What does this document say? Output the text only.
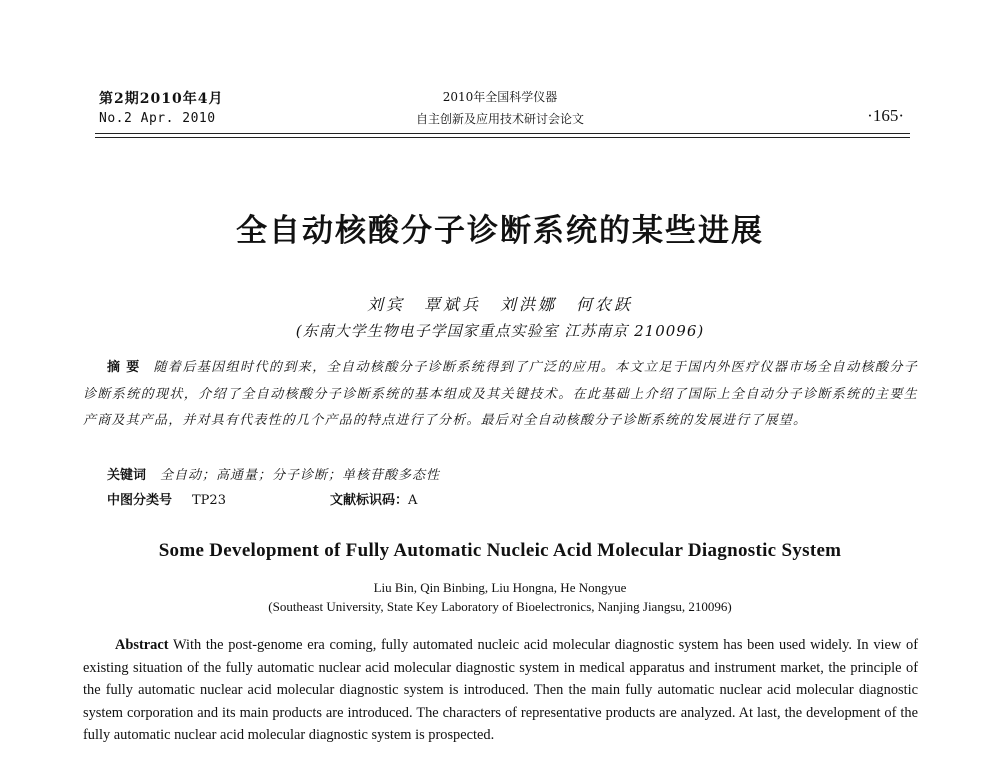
第2期2010年4月
No.2 Apr. 2010
2010年全国科学仪器
自主创新及应用技术研讨会论文	·165·
全自动核酸分子诊断系统的某些进展
刘宾　覃斌兵　刘洪娜　何农跃
(东南大学生物电子学国家重点实验室 江苏南京 210096)
摘要 随着后基因组时代的到来，全自动核酸分子诊断系统得到了广泛的应用。本文立足于国内外医疗仪器市场全自动核酸分子诊断系统的现状，介绍了全自动核酸分子诊断系统的基本组成及其关键技术。在此基础上介绍了国际上全自动分子诊断系统的主要生产商及其产品，并对具有代表性的几个产品的特点进行了分析。最后对全自动核酸分子诊断系统的发展进行了展望。
关键词 全自动；高通量；分子诊断；单核苷酸多态性
中图分类号 TP23	文献标识码：A
Some Development of Fully Automatic Nucleic Acid Molecular Diagnostic System
Liu Bin, Qin Binbing, Liu Hongna, He Nongyue
(Southeast University, State Key Laboratory of Bioelectronics, Nanjing Jiangsu, 210096)
Abstract With the post-genome era coming, fully automated nucleic acid molecular diagnostic system has been used widely. In view of existing situation of the fully automatic nuclear acid molecular diagnostic system in medical apparatus and instrument market, the principle of the fully automatic nuclear acid molecular diagnostic system is introduced. Then the main fully automatic nuclear acid molecular diagnostic system corporation and its main products are introduced. The characters of representative products are analyzed. At last, the development of the fully automatic nuclear acid molecular diagnostic system is prospected.
